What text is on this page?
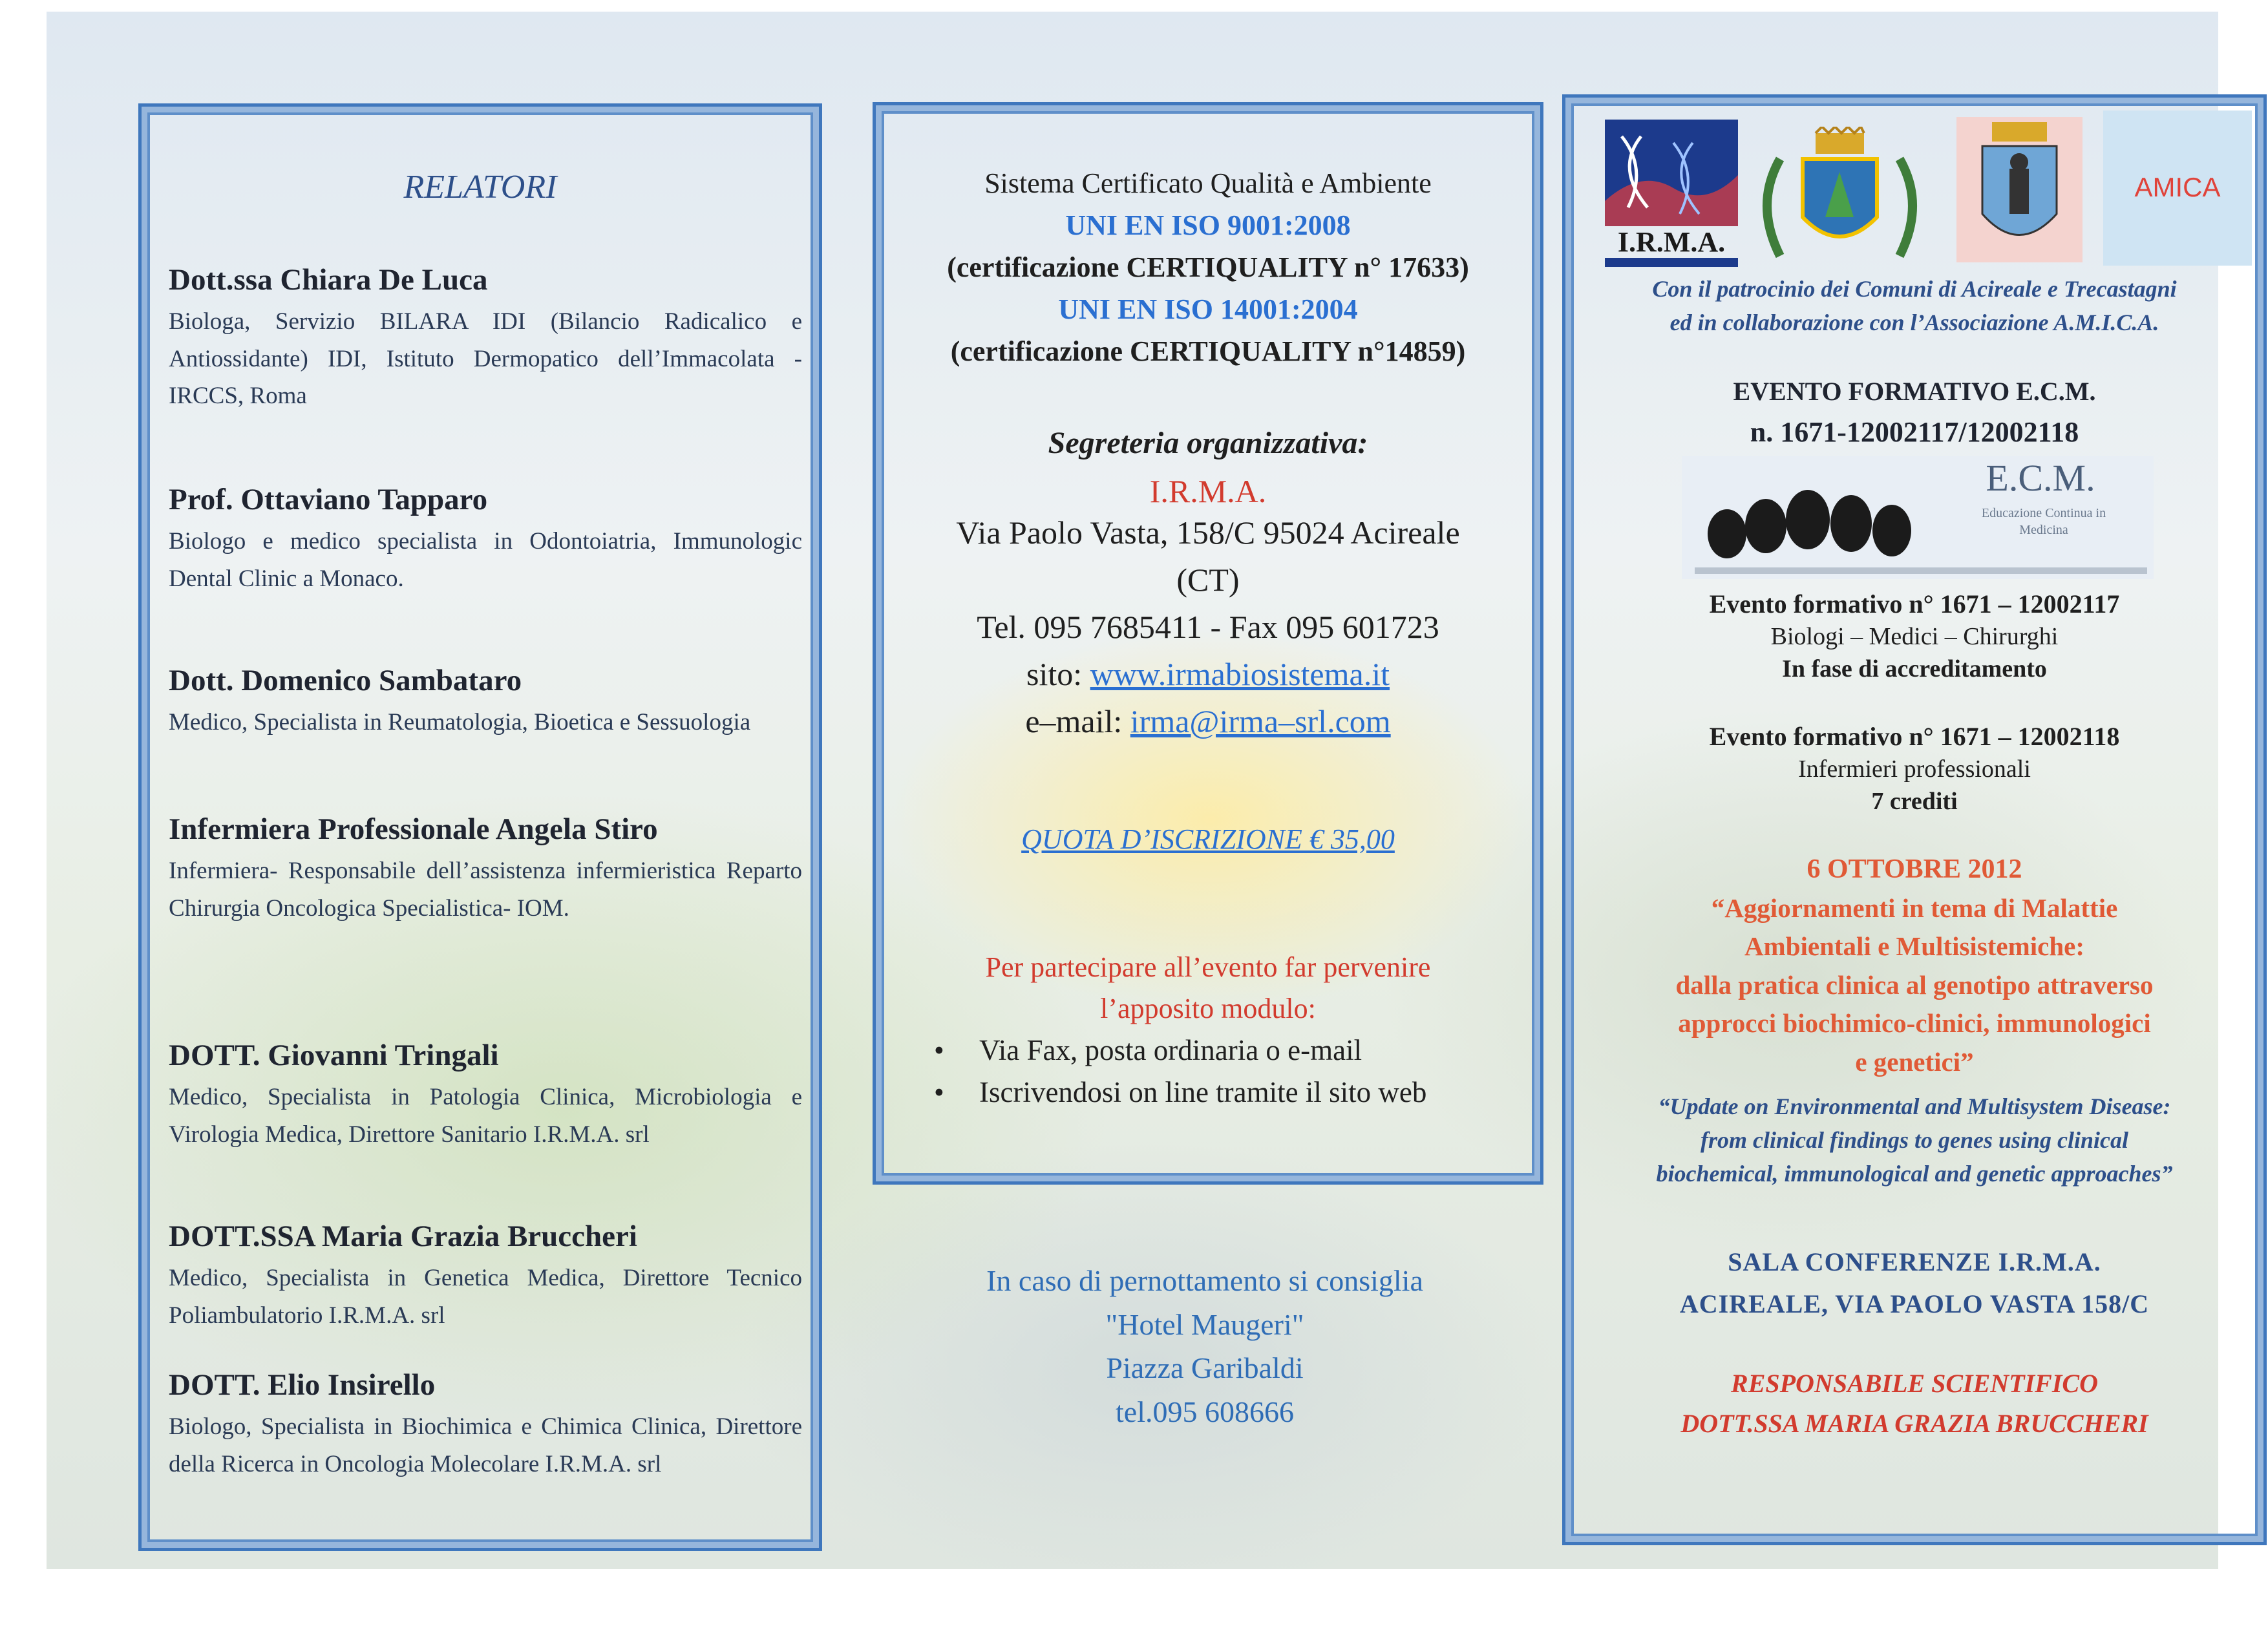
RELATORI
Dott.ssa Chiara De Luca
Biologa, Servizio BILARA IDI (Bilancio Radicalico e Antiossidante) IDI, Istituto Dermopatico dell’Immacolata - IRCCS, Roma
Prof. Ottaviano Tapparo
Biologo e medico specialista in Odontoiatria, Immunologic Dental Clinic a Monaco.
Dott. Domenico Sambataro
Medico, Specialista in Reumatologia, Bioetica e Sessuologia
Infermiera Professionale Angela Stiro
Infermiera- Responsabile dell’assistenza infermieristica Reparto Chirurgia Oncologica Specialistica- IOM.
DOTT. Giovanni Tringali
Medico, Specialista in Patologia Clinica, Microbiologia e Virologia Medica, Direttore Sanitario I.R.M.A. srl
DOTT.SSA Maria Grazia Bruccheri
Medico, Specialista in Genetica Medica, Direttore Tecnico Poliambulatorio I.R.M.A. srl
DOTT. Elio Insirello
Biologo, Specialista in Biochimica e Chimica Clinica, Direttore della Ricerca in Oncologia Molecolare I.R.M.A. srl
Sistema Certificato Qualità e Ambiente
UNI EN ISO 9001:2008
(certificazione CERTIQUALITY n° 17633)
UNI EN ISO 14001:2004
(certificazione CERTIQUALITY n°14859)
Segreteria organizzativa:
I.R.M.A.
Via Paolo Vasta, 158/C 95024 Acireale
(CT)
Tel. 095 7685411 - Fax 095 601723
sito: www.irmabiosistema.it
e–mail: irma@irma–srl.com
QUOTA D’ISCRIZIONE € 35,00
Per partecipare all’evento far pervenire
l’apposito modulo:
• Via Fax, posta ordinaria o e-mail
• Iscrivendosi on line tramite il sito web
In caso di pernottamento si consiglia
"Hotel Maugeri"
Piazza Garibaldi
tel.095 608666
I.R.M.A.
AMICA
Con il patrocinio dei Comuni di Acireale e Trecastagni
ed in collaborazione con l’Associazione A.M.I.C.A.
EVENTO FORMATIVO E.C.M.
n. 1671-12002117/12002118
E.C.M.
Educazione Continua in Medicina
Evento formativo n° 1671 – 12002117
Biologi – Medici – Chirurghi
In fase di accreditamento
Evento formativo n° 1671 – 12002118
Infermieri professionali
7 crediti
6 OTTOBRE 2012
“Aggiornamenti in tema di Malattie
Ambientali e Multisistemiche:
dalla pratica clinica al genotipo attraverso
approcci biochimico-clinici, immunologici
e genetici”
“Update on Environmental and Multisystem Disease:
from clinical findings to genes using clinical
biochemical, immunological and genetic approaches”
SALA CONFERENZE I.R.M.A.
ACIREALE, VIA PAOLO VASTA 158/C
RESPONSABILE SCIENTIFICO
DOTT.SSA MARIA GRAZIA BRUCCHERI
